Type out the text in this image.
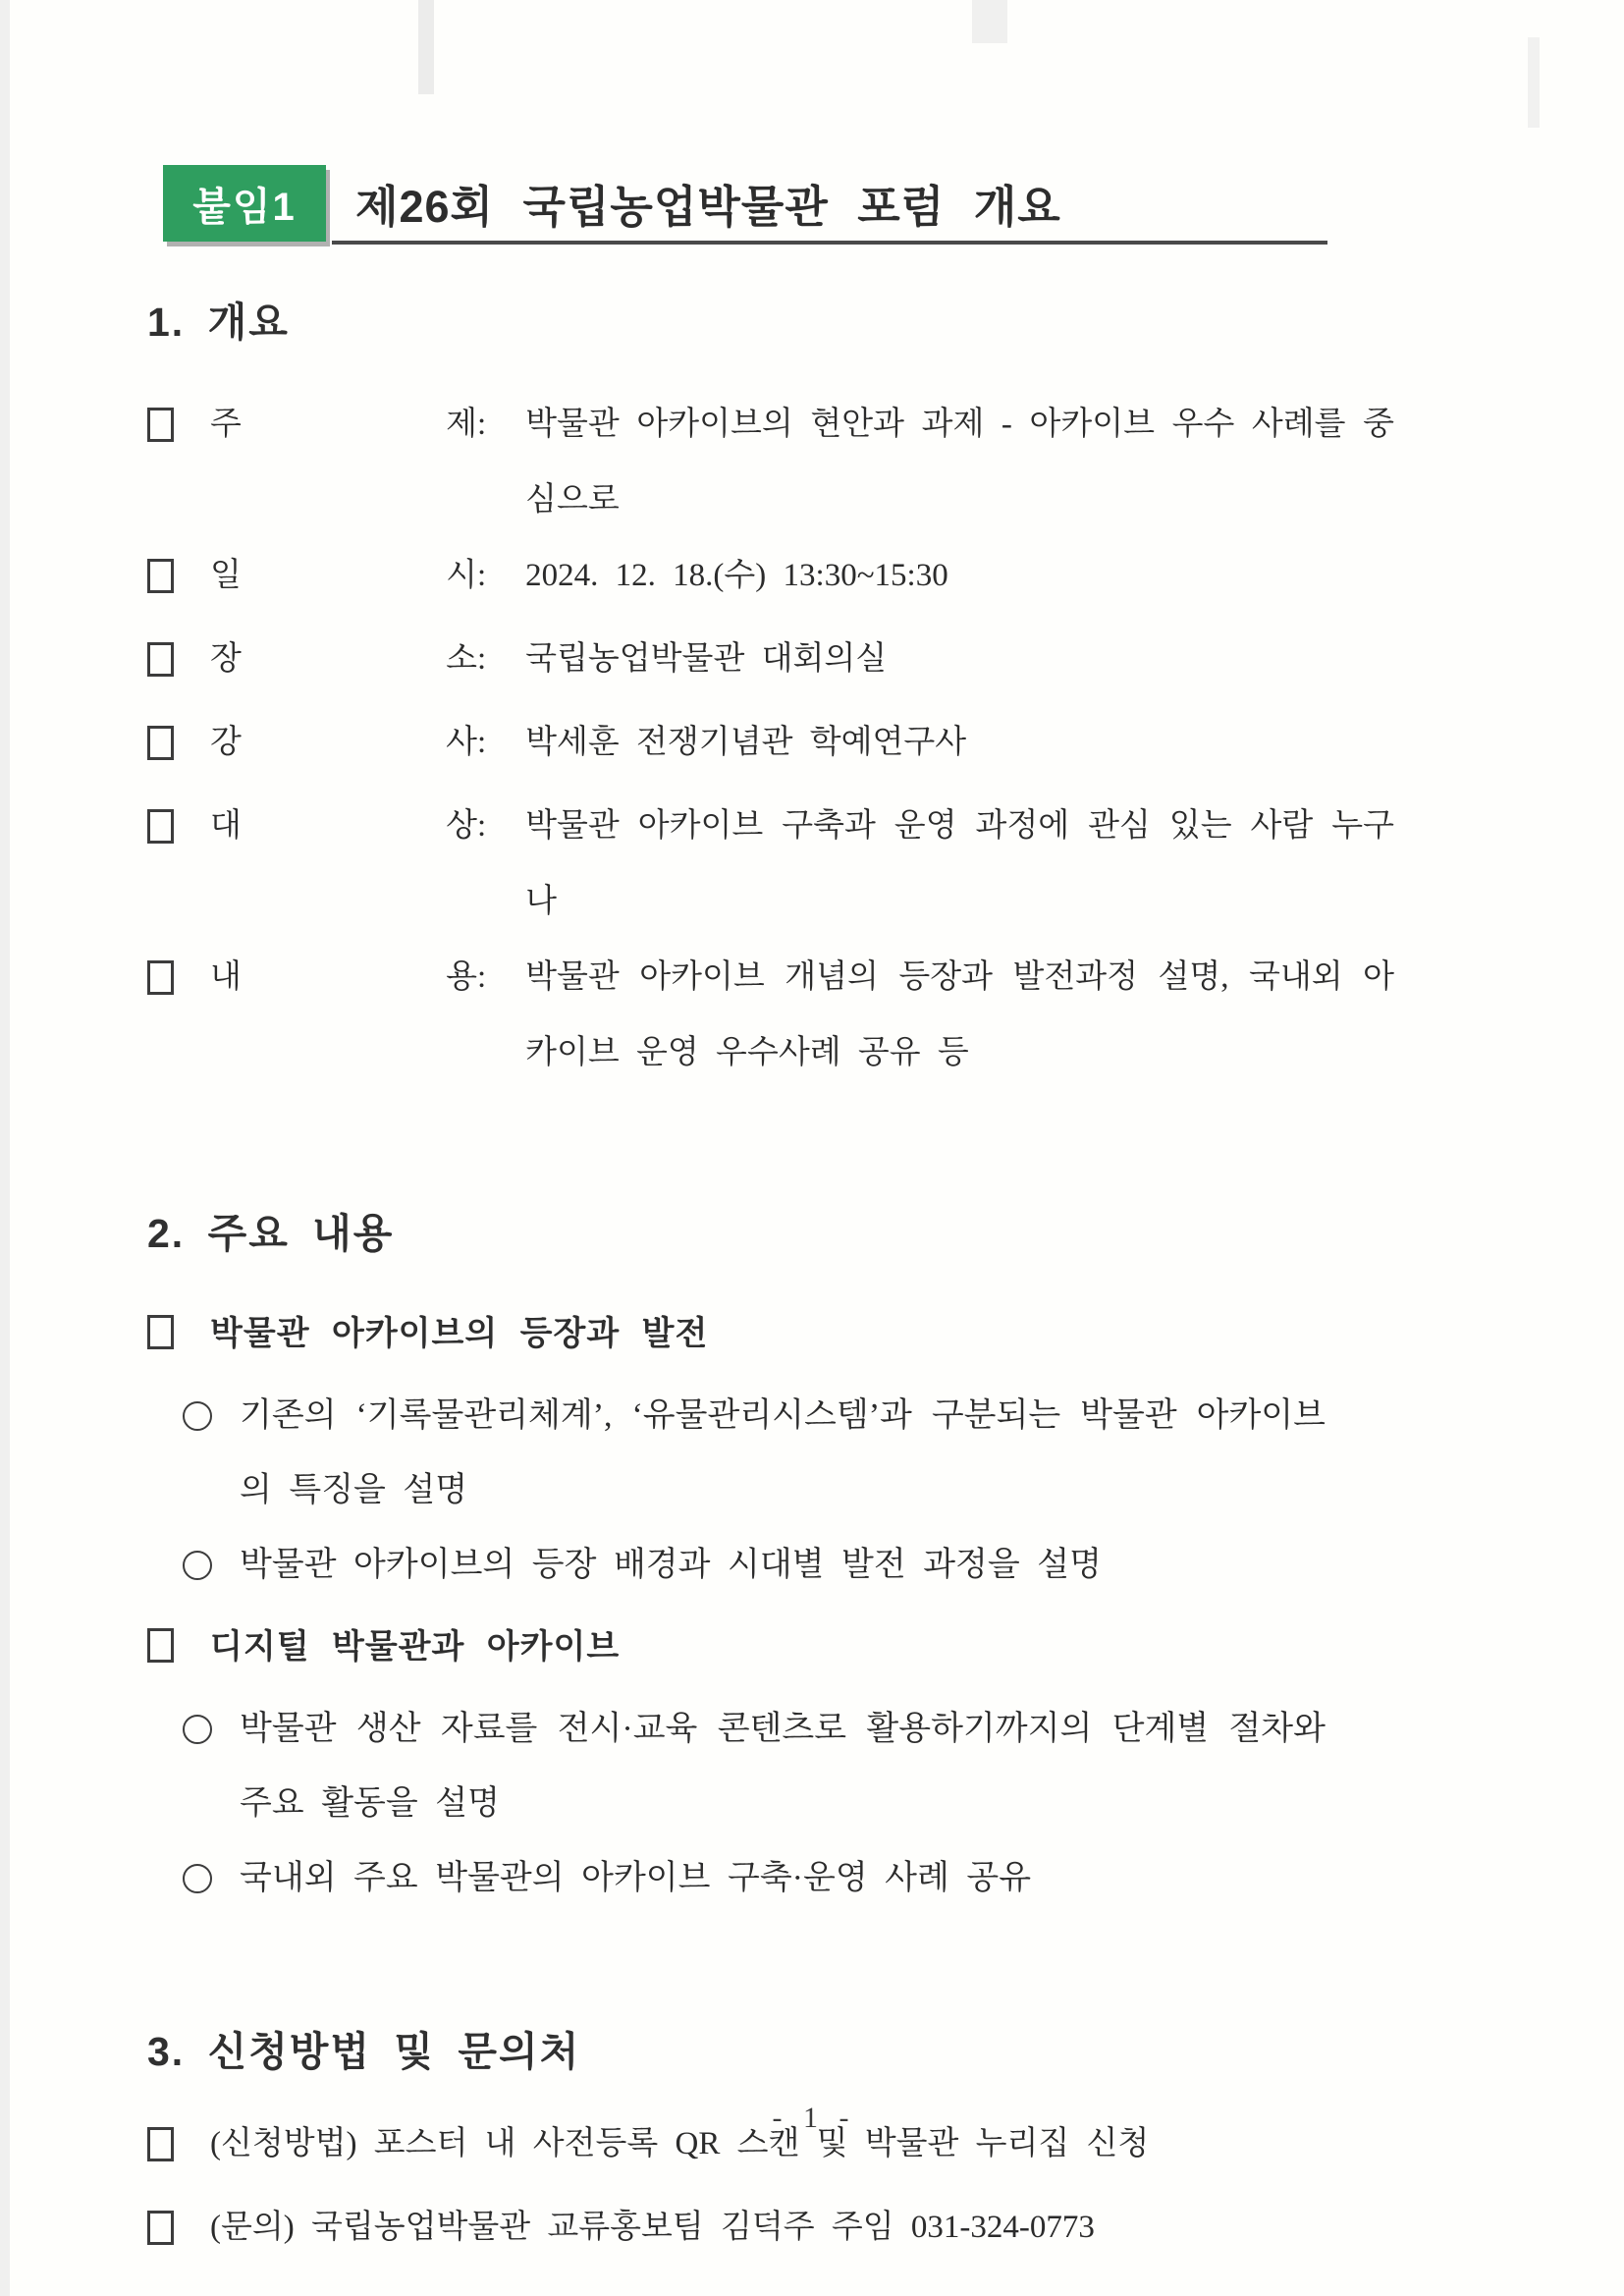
붙임1	제26회 국립농업박물관 포럼 개요
1. 개요
주 제 :	박물관 아카이브의 현안과 과제 - 아카이브 우수 사례를 중심으로
일 시 :	2024. 12. 18.(수) 13:30~15:30
장 소 :	국립농업박물관 대회의실
강 사 :	박세훈 전쟁기념관 학예연구사
대 상 :	박물관 아카이브 구축과 운영 과정에 관심 있는 사람 누구나
내 용 :	박물관 아카이브 개념의 등장과 발전과정 설명, 국내외 아카이브 운영 우수사례 공유 등
2. 주요 내용
박물관 아카이브의 등장과 발전
기존의 ‘기록물관리체계’, ‘유물관리시스템’과 구분되는 박물관 아카이브의 특징을 설명
박물관 아카이브의 등장 배경과 시대별 발전 과정을 설명
디지털 박물관과 아카이브
박물관 생산 자료를 전시·교육 콘텐츠로 활용하기까지의 단계별 절차와 주요 활동을 설명
국내외 주요 박물관의 아카이브 구축·운영 사례 공유
3. 신청방법 및 문의처
(신청방법) 포스터 내 사전등록 QR 스캔 및 박물관 누리집 신청
(문의) 국립농업박물관 교류홍보팀 김덕주 주임 031-324-0773
- 1 -
